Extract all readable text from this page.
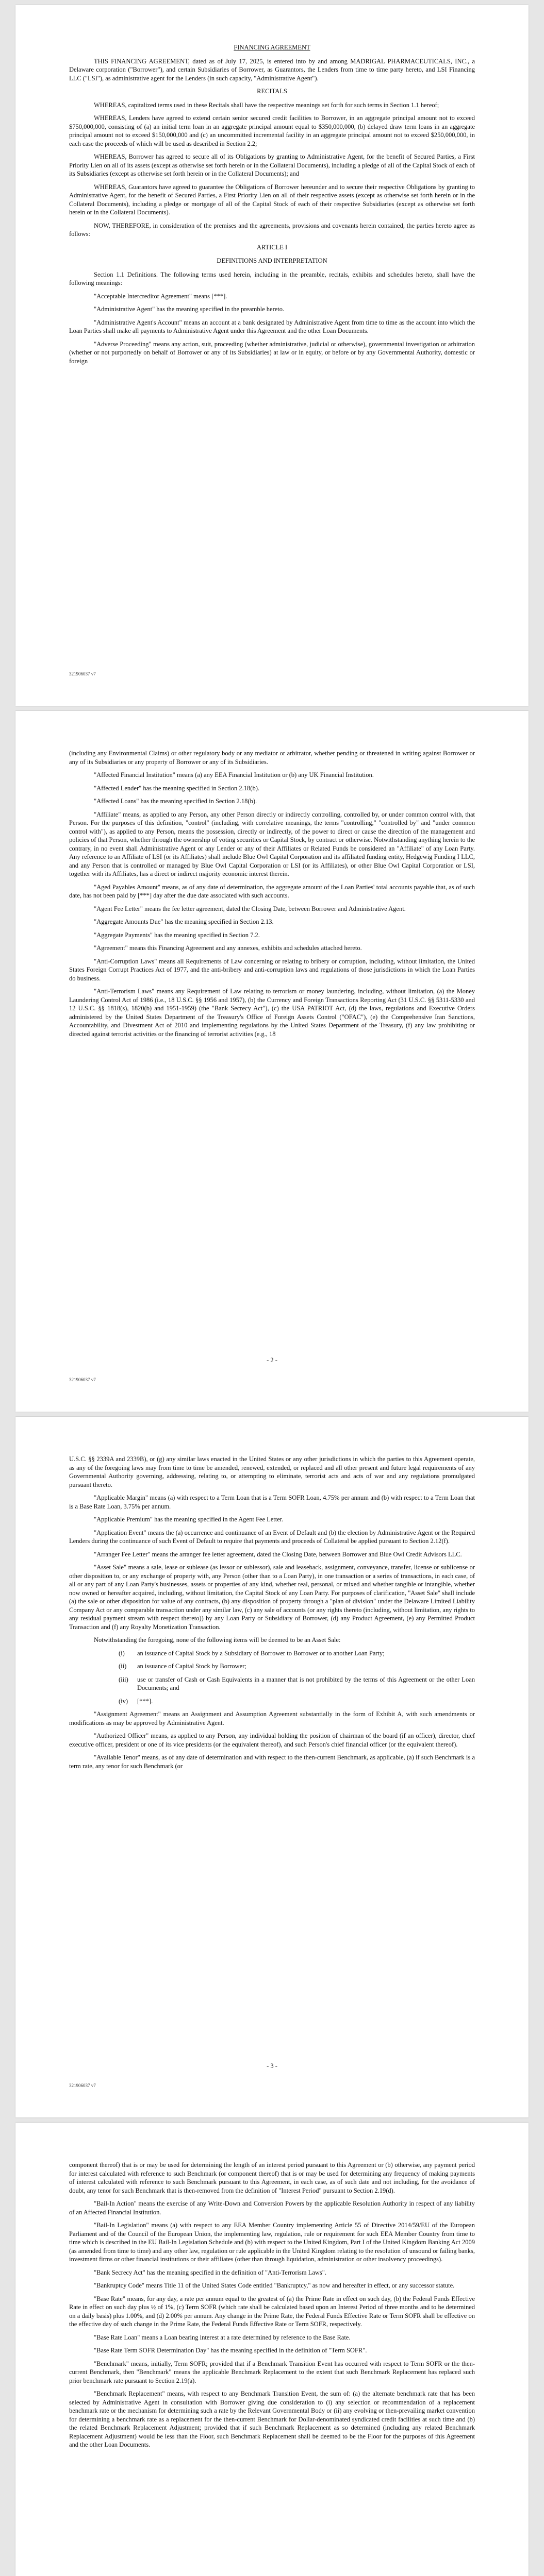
FINANCING AGREEMENT

THIS FINANCING AGREEMENT, dated as of July 17, 2025, is entered into by and among MADRIGAL PHARMACEUTICALS, INC., a Delaware corporation ("Borrower"), and certain Subsidiaries of Borrower, as Guarantors, the Lenders from time to time party hereto, and LSI Financing LLC ("LSI"), as administrative agent for the Lenders (in such capacity, "Administrative Agent").

RECITALS

WHEREAS, capitalized terms used in these Recitals shall have the respective meanings set forth for such terms in Section 1.1 hereof;

WHEREAS, Lenders have agreed to extend certain senior secured credit facilities to Borrower, in an aggregate principal amount not to exceed $750,000,000, consisting of (a) an initial term loan in an aggregate principal amount equal to $350,000,000, (b) delayed draw term loans in an aggregate principal amount not to exceed $150,000,000 and (c) an uncommitted incremental facility in an aggregate principal amount not to exceed $250,000,000, in each case the proceeds of which will be used as described in Section 2.2;

WHEREAS, Borrower has agreed to secure all of its Obligations by granting to Administrative Agent, for the benefit of Secured Parties, a First Priority Lien on all of its assets (except as otherwise set forth herein or in the Collateral Documents), including a pledge of all of the Capital Stock of each of its Subsidiaries (except as otherwise set forth herein or in the Collateral Documents); and

WHEREAS, Guarantors have agreed to guarantee the Obligations of Borrower hereunder and to secure their respective Obligations by granting to Administrative Agent, for the benefit of Secured Parties, a First Priority Lien on all of their respective assets (except as otherwise set forth herein or in the Collateral Documents), including a pledge or mortgage of all of the Capital Stock of each of their respective Subsidiaries (except as otherwise set forth herein or in the Collateral Documents).

NOW, THEREFORE, in consideration of the premises and the agreements, provisions and covenants herein contained, the parties hereto agree as follows:

ARTICLE I
DEFINITIONS AND INTERPRETATION

Section 1.1 Definitions. The following terms used herein, including in the preamble, recitals, exhibits and schedules hereto, shall have the following meanings:

"Acceptable Intercreditor Agreement" means [***].

"Administrative Agent" has the meaning specified in the preamble hereto.

"Administrative Agent's Account" means an account at a bank designated by Administrative Agent from time to time as the account into which the Loan Parties shall make all payments to Administrative Agent under this Agreement and the other Loan Documents.

"Adverse Proceeding" means any action, suit, proceeding (whether administrative, judicial or otherwise), governmental investigation or arbitration (whether or not purportedly on behalf of Borrower or any of its Subsidiaries) at law or in equity, or before or by any Governmental Authority, domestic or foreign

321906037 v7

(including any Environmental Claims) or other regulatory body or any mediator or arbitrator, whether pending or threatened in writing against Borrower or any of its Subsidiaries or any property of Borrower or any of its Subsidiaries.

"Affected Financial Institution" means (a) any EEA Financial Institution or (b) any UK Financial Institution.

"Affected Lender" has the meaning specified in Section 2.18(b).

"Affected Loans" has the meaning specified in Section 2.18(b).

"Affiliate" means, as applied to any Person, any other Person directly or indirectly controlling, controlled by, or under common control with, that Person. For the purposes of this definition, "control" (including, with correlative meanings, the terms "controlling," "controlled by" and "under common control with"), as applied to any Person, means the possession, directly or indirectly, of the power to direct or cause the direction of the management and policies of that Person, whether through the ownership of voting securities or Capital Stock, by contract or otherwise. Notwithstanding anything herein to the contrary, in no event shall Administrative Agent or any Lender or any of their Affiliates or Related Funds be considered an "Affiliate" of any Loan Party. Any reference to an Affiliate of LSI (or its Affiliates) shall include Blue Owl Capital Corporation and its affiliated funding entity, Hedgewig Funding I LLC, and any Person that is controlled or managed by Blue Owl Capital Corporation or LSI (or its Affiliates), or other Blue Owl Capital Corporation or LSI, together with its Affiliates, has a direct or indirect majority economic interest therein.

"Aged Payables Amount" means, as of any date of determination, the aggregate amount of the Loan Parties' total accounts payable that, as of such date, has not been paid by [***] day after the due date associated with such accounts.

"Agent Fee Letter" means the fee letter agreement, dated the Closing Date, between Borrower and Administrative Agent.

"Aggregate Amounts Due" has the meaning specified in Section 2.13.

"Aggregate Payments" has the meaning specified in Section 7.2.

"Agreement" means this Financing Agreement and any annexes, exhibits and schedules attached hereto.

"Anti-Corruption Laws" means all Requirements of Law concerning or relating to bribery or corruption, including, without limitation, the United States Foreign Corrupt Practices Act of 1977, and the anti-bribery and anti-corruption laws and regulations of those jurisdictions in which the Loan Parties do business.

"Anti-Terrorism Laws" means any Requirement of Law relating to terrorism or money laundering, including, without limitation, (a) the Money Laundering Control Act of 1986 (i.e., 18 U.S.C. §§ 1956 and 1957), (b) the Currency and Foreign Transactions Reporting Act (31 U.S.C. §§ 5311-5330 and 12 U.S.C. §§ 1818(s), 1820(b) and 1951-1959) (the "Bank Secrecy Act"), (c) the USA PATRIOT Act, (d) the laws, regulations and Executive Orders administered by the United States Department of the Treasury's Office of Foreign Assets Control ("OFAC"), (e) the Comprehensive Iran Sanctions, Accountability, and Divestment Act of 2010 and implementing regulations by the United States Department of the Treasury, (f) any law prohibiting or directed against terrorist activities or the financing of terrorist activities (e.g., 18

- 2 -
321906037 v7

U.S.C. §§ 2339A and 2339B), or (g) any similar laws enacted in the United States or any other jurisdictions in which the parties to this Agreement operate, as any of the foregoing laws may from time to time be amended, renewed, extended, or replaced and all other present and future legal requirements of any Governmental Authority governing, addressing, relating to, or attempting to eliminate, terrorist acts and acts of war and any regulations promulgated pursuant thereto.

"Applicable Margin" means (a) with respect to a Term Loan that is a Term SOFR Loan, 4.75% per annum and (b) with respect to a Term Loan that is a Base Rate Loan, 3.75% per annum.

"Applicable Premium" has the meaning specified in the Agent Fee Letter.

"Application Event" means the (a) occurrence and continuance of an Event of Default and (b) the election by Administrative Agent or the Required Lenders during the continuance of such Event of Default to require that payments and proceeds of Collateral be applied pursuant to Section 2.12(f).

"Arranger Fee Letter" means the arranger fee letter agreement, dated the Closing Date, between Borrower and Blue Owl Credit Advisors LLC.

"Asset Sale" means a sale, lease or sublease (as lessor or sublessor), sale and leaseback, assignment, conveyance, transfer, license or sublicense or other disposition to, or any exchange of property with, any Person (other than to a Loan Party), in one transaction or a series of transactions, in each case, of all or any part of any Loan Party's businesses, assets or properties of any kind, whether real, personal, or mixed and whether tangible or intangible, whether now owned or hereafter acquired, including, without limitation, the Capital Stock of any Loan Party. For purposes of clarification, "Asset Sale" shall include (a) the sale or other disposition for value of any contracts, (b) any disposition of property through a "plan of division" under the Delaware Limited Liability Company Act or any comparable transaction under any similar law, (c) any sale of accounts (or any rights thereto (including, without limitation, any rights to any residual payment stream with respect thereto)) by any Loan Party or Subsidiary of Borrower, (d) any Product Agreement, (e) any Permitted Product Transaction and (f) any Royalty Monetization Transaction.

Notwithstanding the foregoing, none of the following items will be deemed to be an Asset Sale:

(i)	an issuance of Capital Stock by a Subsidiary of Borrower to Borrower or to another Loan Party;
(ii)	an issuance of Capital Stock by Borrower;
(iii)	use or transfer of Cash or Cash Equivalents in a manner that is not prohibited by the terms of this Agreement or the other Loan Documents; and
(iv)	[***].

"Assignment Agreement" means an Assignment and Assumption Agreement substantially in the form of Exhibit A, with such amendments or modifications as may be approved by Administrative Agent.

"Authorized Officer" means, as applied to any Person, any individual holding the position of chairman of the board (if an officer), director, chief executive officer, president or one of its vice presidents (or the equivalent thereof), and such Person's chief financial officer (or the equivalent thereof).

"Available Tenor" means, as of any date of determination and with respect to the then-current Benchmark, as applicable, (a) if such Benchmark is a term rate, any tenor for such Benchmark (or

- 3 -
321906037 v7

component thereof) that is or may be used for determining the length of an interest period pursuant to this Agreement or (b) otherwise, any payment period for interest calculated with reference to such Benchmark (or component thereof) that is or may be used for determining any frequency of making payments of interest calculated with reference to such Benchmark pursuant to this Agreement, in each case, as of such date and not including, for the avoidance of doubt, any tenor for such Benchmark that is then-removed from the definition of "Interest Period" pursuant to Section 2.19(d).

"Bail-In Action" means the exercise of any Write-Down and Conversion Powers by the applicable Resolution Authority in respect of any liability of an Affected Financial Institution.

"Bail-In Legislation" means (a) with respect to any EEA Member Country implementing Article 55 of Directive 2014/59/EU of the European Parliament and of the Council of the European Union, the implementing law, regulation, rule or requirement for such EEA Member Country from time to time which is described in the EU Bail-In Legislation Schedule and (b) with respect to the United Kingdom, Part I of the United Kingdom Banking Act 2009 (as amended from time to time) and any other law, regulation or rule applicable in the United Kingdom relating to the resolution of unsound or failing banks, investment firms or other financial institutions or their affiliates (other than through liquidation, administration or other insolvency proceedings).

"Bank Secrecy Act" has the meaning specified in the definition of "Anti-Terrorism Laws".

"Bankruptcy Code" means Title 11 of the United States Code entitled "Bankruptcy," as now and hereafter in effect, or any successor statute.

"Base Rate" means, for any day, a rate per annum equal to the greatest of (a) the Prime Rate in effect on such day, (b) the Federal Funds Effective Rate in effect on such day plus ½ of 1%, (c) Term SOFR (which rate shall be calculated based upon an Interest Period of three months and to be determined on a daily basis) plus 1.00%, and (d) 2.00% per annum. Any change in the Prime Rate, the Federal Funds Effective Rate or Term SOFR shall be effective on the effective day of such change in the Prime Rate, the Federal Funds Effective Rate or Term SOFR, respectively.

"Base Rate Loan" means a Loan bearing interest at a rate determined by reference to the Base Rate.

"Base Rate Term SOFR Determination Day" has the meaning specified in the definition of "Term SOFR".

"Benchmark" means, initially, Term SOFR; provided that if a Benchmark Transition Event has occurred with respect to Term SOFR or the then-current Benchmark, then "Benchmark" means the applicable Benchmark Replacement to the extent that such Benchmark Replacement has replaced such prior benchmark rate pursuant to Section 2.19(a).

"Benchmark Replacement" means, with respect to any Benchmark Transition Event, the sum of: (a) the alternate benchmark rate that has been selected by Administrative Agent in consultation with Borrower giving due consideration to (i) any selection or recommendation of a replacement benchmark rate or the mechanism for determining such a rate by the Relevant Governmental Body or (ii) any evolving or then-prevailing market convention for determining a benchmark rate as a replacement for the then-current Benchmark for Dollar-denominated syndicated credit facilities at such time and (b) the related Benchmark Replacement Adjustment; provided that if such Benchmark Replacement as so determined (including any related Benchmark Replacement Adjustment) would be less than the Floor, such Benchmark Replacement shall be deemed to be the Floor for the purposes of this Agreement and the other Loan Documents.
